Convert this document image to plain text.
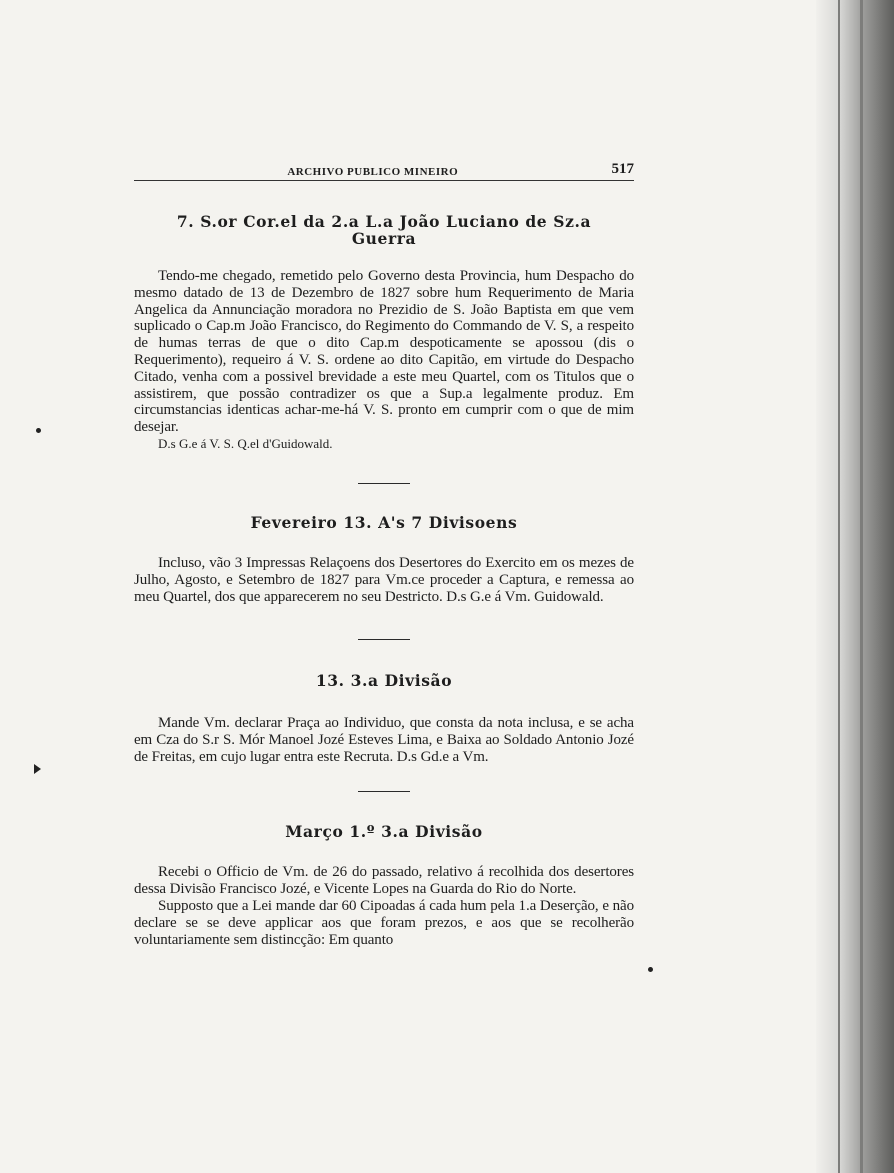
ARCHIVO PUBLICO MINEIRO	517
7. S.or Cor.el da 2.a L.a João Luciano de Sz.a Guerra

Tendo-me chegado, remetido pelo Governo desta Provincia, hum Despacho do mesmo datado de 13 de Dezembro de 1827 sobre hum Requerimento de Maria Angelica da Annunciação moradora no Prezidio de S. João Baptista em que vem suplicado o Cap.m João Francisco, do Regimento do Commando de V. S, a respeito de humas terras de que o dito Cap.m despoticamente se apossou (dis o Requerimento), requeiro á V. S. ordene ao dito Capitão, em virtude do Despacho Citado, venha com a possivel brevidade a este meu Quartel, com os Titulos que o assistirem, que possão contradizer os que a Sup.a legalmente produz. Em circumstancias identicas achar-me-há V. S. pronto em cumprir com o que de mim desejar.

D.s G.e á V. S. Q.el d'Guidowald.

Fevereiro 13. A's 7 Divisoens

Incluso, vão 3 Impressas Relaçoens dos Desertores do Exercito em os mezes de Julho, Agosto, e Setembro de 1827 para Vm.ce proceder a Captura, e remessa ao meu Quartel, dos que apparecerem no seu Destricto. D.s G.e á Vm. Guidowald.

13. 3.a Divisão

Mande Vm. declarar Praça ao Individuo, que consta da nota inclusa, e se acha em Cza do S.r S. Mór Manoel Jozé Esteves Lima, e Baixa ao Soldado Antonio Jozé de Freitas, em cujo lugar entra este Recruta. D.s Gd.e a Vm.

Março 1.º 3.a Divisão

Recebi o Officio de Vm. de 26 do passado, relativo á recolhida dos desertores dessa Divisão Francisco Jozé, e Vicente Lopes na Guarda do Rio do Norte.

Supposto que a Lei mande dar 60 Cipoadas á cada hum pela 1.a Deserção, e não declare se se deve applicar aos que foram prezos, e aos que se recolherão voluntariamente sem distincção: Em quanto
